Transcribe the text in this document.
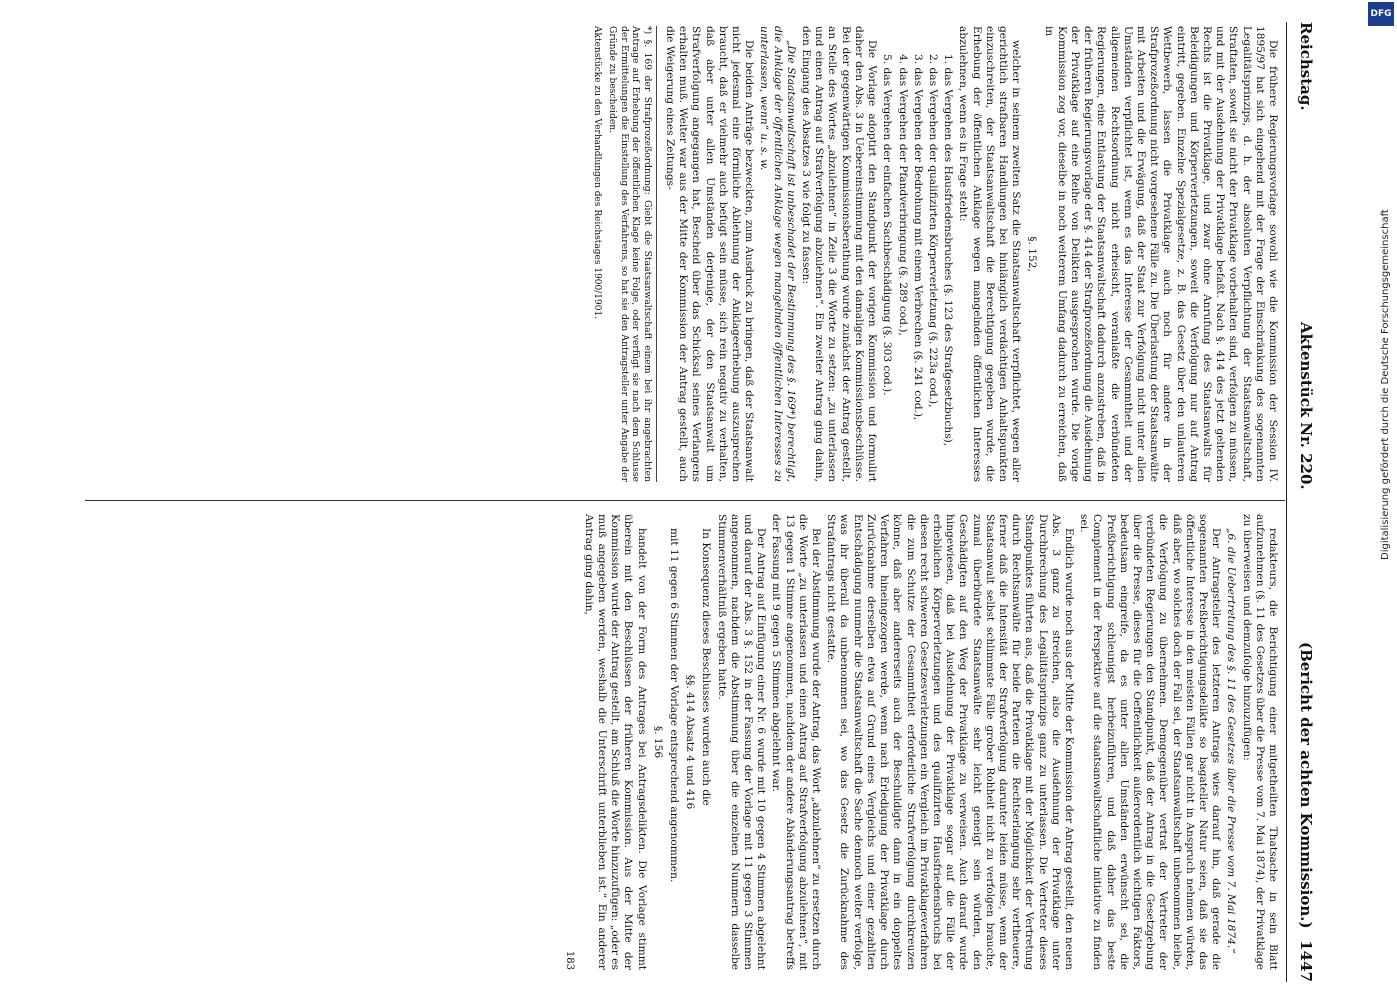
Reichstag.
Aktenstück Nr. 220.
(Bericht der achten Kommission.)
1447

Die frühere Regierungsvorlage sowohl wie die Kommission der Session IV. 1895/97 hat sich eingehend mit der Frage der Einschränkung des sogenannten Legalitätsprinzips, d. h. der absoluten Verpflichtung der Staatsanwaltschaft, Straftaten, soweit sie nicht der Privatklage vorbehalten sind, verfolgen zu müssen, und mit der Ausdehnung der Privatklage befaßt. Nach §. 414 des jetzt geltenden Rechts ist die Privatklage, und zwar ohne Anrufung des Staatsanwalts für Beleidigungen und Körperverletzungen, soweit die Verfolgung nur auf Antrag eintritt, gegeben. Einzelne Spezialgesetze, z. B. das Gesetz über den unlauteren Wettbewerb, lassen die Privatklage auch noch für andere in der Strafprozeßordnung nicht vorgesehene Fälle zu. Die Überlastung der Staatsanwälte mit Arbeiten und die Erwägung, daß der Staat zur Verfolgung nicht unter allen Umständen verpflichtet ist, wenn es das Interesse der Gesammtheit und der allgemeinen Rechtsordnung nicht erheischt, veranlaßte die verbündeten Regierungen, eine Entlastung der Staatsanwaltschaft dadurch anzustreben, daß in der früheren Regierungsvorlage der §. 414 der Strafprozeßordnung die Ausdehnung der Privatklage auf eine Reihe von Delikten ausgesprochen wurde. Die vorige Kommission zog vor, dieselbe in noch weiterem Umfang dadurch zu erreichen, daß in

§. 152,

welcher in seinem zweiten Satz die Staatsanwaltschaft verpflichtet, wegen aller gerichtlich strafbaren Handlungen bei hinlänglich verdächtigen Anhaltspunkten einzuschreiten, der Staatsanwaltschaft die Berechtigung gegeben wurde, die Erhebung der öffentlichen Anklage wegen mangelnden öffentlichen Interesses abzulehnen, wenn es in Frage steht:

1. das Vergehen des Hausfriedensbruches (§. 123 des Strafgesetzbuchs),

2. das Vergehen der qualifizirten Körperverletzung (§. 223a cod.),

3. das Vergehen der Bedrohung mit einem Verbrechen (§. 241 cod.),

4. das Vergehen der Pfandverbringung (§. 289 cod.),

5. das Vergehen der einfachen Sachbeschädigung (§. 303 cod.).

Die Vorlage adoptirt den Standpunkt der vorigen Kommission und formulirt daher den Abs. 3 in Uebereinstimmung mit den damaligen Kommissionsbeschlüsse. Bei der gegenwärtigen Kommissionsberathung wurde zunächst der Antrag gestellt, an Stelle des Wortes „abzulehnen“ in Zeile 3 die Worte zu setzen: „zu unterlassen und einen Antrag auf Strafverfolgung abzulehnen“. Ein zweiter Antrag ging dahin, den Eingang des Absatzes 3 wie folgt zu fassen:

„Die Staatsanwaltschaft ist unbeschadet der Bestimmung des §. 169*) berechtigt, die Anklage der öffentlichen Anklage wegen mangelnden öffentlichen Interesses zu unterlassen, wenn“ u. s. w.

Die beiden Anträge bezweckten, zum Ausdruck zu bringen, daß der Staatsanwalt nicht jedesmal eine förmliche Ablehnung der Anklageerhebung auszusprechen braucht, daß er vielmehr auch befugt sein müsse, sich rein negativ zu verhalten, daß aber unter allen Umständen derjenige, der den Staatsanwalt um Strafverfolgung angegangen hat, Bescheid über das Schicksal seines Verlangens erhalten muß. Weiter war aus der Mitte der Kommission der Antrag gestellt, auch die Weigerung eines Zeitungs-

*) §. 169 der Strafprozeßordnung: Giebt die Staatsanwaltschaft einem bei ihr angebrachten Antrage auf Erhebung der öffentlichen Klage keine Folge, oder verfügt sie nach dem Schlusse der Ermittelungen die Einstellung des Verfahrens, so hat sie den Antragsteller unter Angabe der Gründe zu bescheiden.
Aktenstücke zu den Verhandlungen des Reichstages 1900/1901.

redakteurs, die Berichtigung einer mitgetheilten Thatsache in sein Blatt aufzunehmen (§. 11 des Gesetzes über die Presse vom 7. Mai 1874), der Privatklage zu überweisen und demzufolge hinzuzufügen:

„6. die Uebertretung des §. 11 des Gesetzes über die Presse vom 7. Mai 1874.“

Der Antragsteller des letzteren Antrags wies darauf hin, daß gerade die sogenannten Preßberichtigungsdelikte so bagateller Natur seien, daß sie das öffentliche Interesse in den meisten Fällen gar nicht in Anspruch nehmen würden, daß aber, wo solches doch der Fall sei, der Staatsanwaltschaft unbenommen bleibe, die Verfolgung zu übernehmen. Demgegenüber vertrat der Vertreter der verbündeten Regierungen den Standpunkt, daß der Antrag in die Gesetzgebung über die Presse, dieses für die Oeffentlichkeit außerordentlich wichtigen Faktors, bedeutsam eingreife, da es unter allen Umständen erwünscht sei, die Preßberichtigung schleunigst herbeizuführen, und daß daher das beste Complement in der Perspektive auf die staatsanwaltschaftliche Initiative zu finden sei.

Endlich wurde noch aus der Mitte der Kommission der Antrag gestellt, den neuen Abs. 3 ganz zu streichen, also die Ausdehnung der Privatklage unter Durchbrechung des Legalitätsprinzips ganz zu unterlassen. Die Vertreter dieses Standpunktes führten aus, daß die Privatklage mit der Möglichkeit der Vertretung durch Rechtsanwälte für beide Parteien die Rechtserlangung sehr vertheuere, ferner daß die Intensität der Strafverfolgung darunter leiden müsse, wenn der Staatsanwalt selbst schlimmste Fälle grober Rohheit nicht zu verfolgen brauche, zumal überbürdete Staatsanwälte sehr leicht geneigt sein würden, den Geschädigten auf den Weg der Privatklage zu verweisen. Auch darauf wurde hingewiesen, daß bei Ausdehnung der Privatklage sogar auf die Fälle der erheblichen Körperverletzungen und des qualifizirten Hausfriedensbruchs bei diesen recht schweren Gesetzesverletzungen ein Vergleich im Privatklageverfahren die zum Schutze der Gesammtheit erforderliche Strafverfolgung durchkreuzen könne, daß aber andererseits auch der Beschuldigte dann in ein doppeltes Verfahren hineingezogen werde, wenn nach Erledigung der Privatklage durch Zurücknahme derselben etwa auf Grund eines Vergleichs und einer gezahlten Entschädigung nunmehr die Staatsanwaltschaft die Sache dennoch weiter verfolge, was ihr überall da unbenommen sei, wo das Gesetz die Zurücknahme des Strafantrags nicht gestatte.

Bei der Abstimmung wurde der Antrag, das Wort „abzulehnen“ zu ersetzen durch die Worte „zu unterlassen und einen Antrag auf Strafverfolgung abzulehnen“, mit 13 gegen 1 Stimme angenommen, nachdem der andere Abänderungsantrag betreffs der Fassung mit 9 gegen 5 Stimmen abgelehnt war.

Der Antrag auf Einfügung einer Nr. 6 wurde mit 10 gegen 4 Stimmen abgelehnt und darauf der Abs. 3 §. 152 in der Fassung der Vorlage mit 11 gegen 3 Stimmen angenommen, nachdem die Abstimmung über die einzelnen Nummern dasselbe Stimmenverhältniß ergeben hatte.

In Konsequenz dieses Beschlusses wurden auch die

§§. 414 Absatz 4 und 416

mit 11 gegen 6 Stimmen der Vorlage entsprechend angenommen.

§. 156

handelt von der Form des Antrages bei Antragsdelikten. Die Vorlage stimmt überein mit den Beschlüssen der früheren Kommission. Aus der Mitte der Kommission wurde der Antrag gestellt, am Schluß die Worte hinzuzufügen: „oder es muß angegeben werden, weshalb die Unterschrift unterblieben ist.“ Ein anderer Antrag ging dahin,

183
Digitalisierung gefördert durch die Deutsche Forschungsgemeinschaft
DFG
